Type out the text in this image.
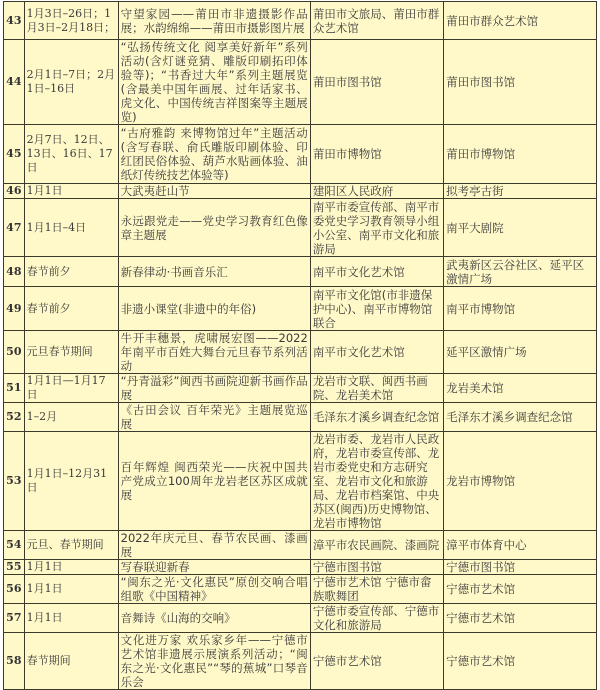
43	1月3日–26日；1月3日–2月18日；	守望家园——莆田市非遗摄影作品展；水韵绵绵——莆田市摄影图片展	莆田市文旅局、莆田市群众艺术馆	莆田市群众艺术馆
44	2月1日–7日；2月1日–16日	“弘扬传统文化 阅享美好新年”系列活动(含灯谜竞猜、雕版印刷拓印体验等)；“书香过大年”系列主题展览(含最美中国年画展、过年话家书、虎文化、中国传统吉祥图案等主题展览)	莆田市图书馆	莆田市图书馆
45	2月7日、12日、13日、16日、17日	“古府雅韵 来博物馆过年”主题活动(含写春联、俞氏雕版印刷体验、印红团民俗体验、葫芦水贴画体验、油纸灯传统技艺体验等)	莆田市博物馆	莆田市博物馆
46	1月1日	大武夷赶山节	建阳区人民政府	拟考亭古街
47	1月1日–4日	永远跟党走——党史学习教育红色像章主题展	南平市委宣传部、南平市委党史学习教育领导小组小公室、南平市文化和旅游局	南平大剧院
48	春节前夕	新春律动·书画音乐汇	南平市文化艺术馆	武夷新区云谷社区、延平区激情广场
49	春节前夕	非遗小课堂(非遗中的年俗)	南平市文化馆(市非遗保护中心)、南平市博物馆联合	南平市博物馆
50	元旦春节期间	牛开丰穗景，虎啸展宏图——2022年南平市百姓大舞台元旦春节系列活动	南平市文化艺术馆	延平区激情广场
51	1月1日—1月17日	“丹青溢彩”闽西书画院迎新书画作品展	龙岩市文联、闽西书画院、龙岩美术馆	龙岩美术馆
52	1–2月	《古田会议 百年荣光》主题展览巡展	毛泽东才溪乡调查纪念馆	毛泽东才溪乡调查纪念馆
53	1月1日–12月31日	百年辉煌 闽西荣光——庆祝中国共产党成立100周年龙岩老区苏区成就展	龙岩市委、龙岩市人民政府，龙岩市委宣传部、龙岩市委党史和方志研究室、龙岩市文化和旅游局、龙岩市档案馆、中央苏区(闽西)历史博物馆、龙岩市博物馆	龙岩市博物馆
54	元旦、春节期间	2022年庆元旦、春节农民画、漆画展	漳平市农民画院、漆画院	漳平市体育中心
55	1月1日	写春联迎新春	宁德市图书馆	宁德市图书馆
56	1月1日	“闽东之光·文化惠民”原创交响合唱组歌《中国精神》	宁德市艺术馆 宁德市畲族歌舞团	宁德市艺术馆
57	1月1日	音舞诗《山海的交响》	宁德市委宣传部、宁德市文化和旅游局	宁德市艺术馆
58	春节期间	文化进万家 欢乐家乡年——宁德市艺术馆非遗展示展演系列活动；“闽东之光·文化惠民”“琴的蕉城”口琴音乐会	宁德市艺术馆	宁德市艺术馆
